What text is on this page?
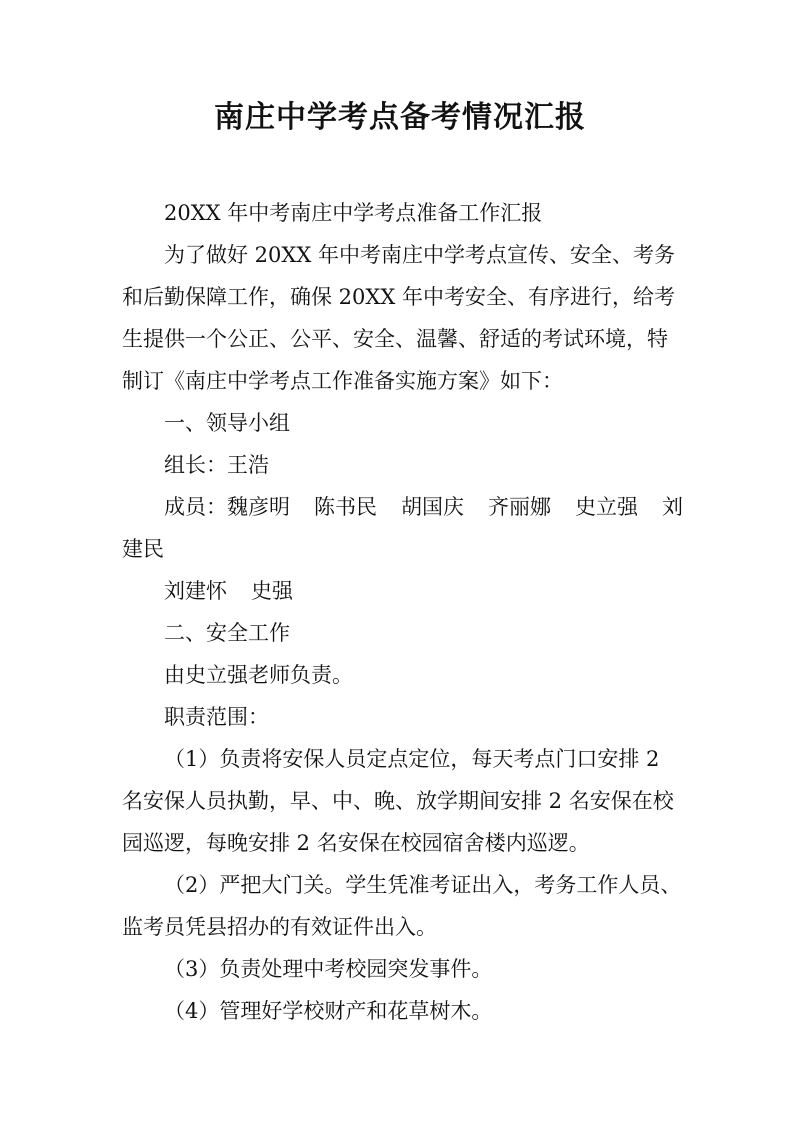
南庄中学考点备考情况汇报
20XX 年中考南庄中学考点准备工作汇报
为了做好 20XX 年中考南庄中学考点宣传、安全、考务
和后勤保障工作，确保 20XX 年中考安全、有序进行，给考
生提供一个公正、公平、安全、温馨、舒适的考试环境，特
制订《南庄中学考点工作准备实施方案》如下：
一、领导小组
组长：王浩
成员：魏彦明 陈书民 胡国庆 齐丽娜 史立强 刘
建民
刘建怀 史强
二、安全工作
由史立强老师负责。
职责范围：
（1）负责将安保人员定点定位，每天考点门口安排 2
名安保人员执勤，早、中、晚、放学期间安排 2 名安保在校
园巡逻，每晚安排 2 名安保在校园宿舍楼内巡逻。
（2）严把大门关。学生凭准考证出入，考务工作人员、
监考员凭县招办的有效证件出入。
（3）负责处理中考校园突发事件。
（4）管理好学校财产和花草树木。
